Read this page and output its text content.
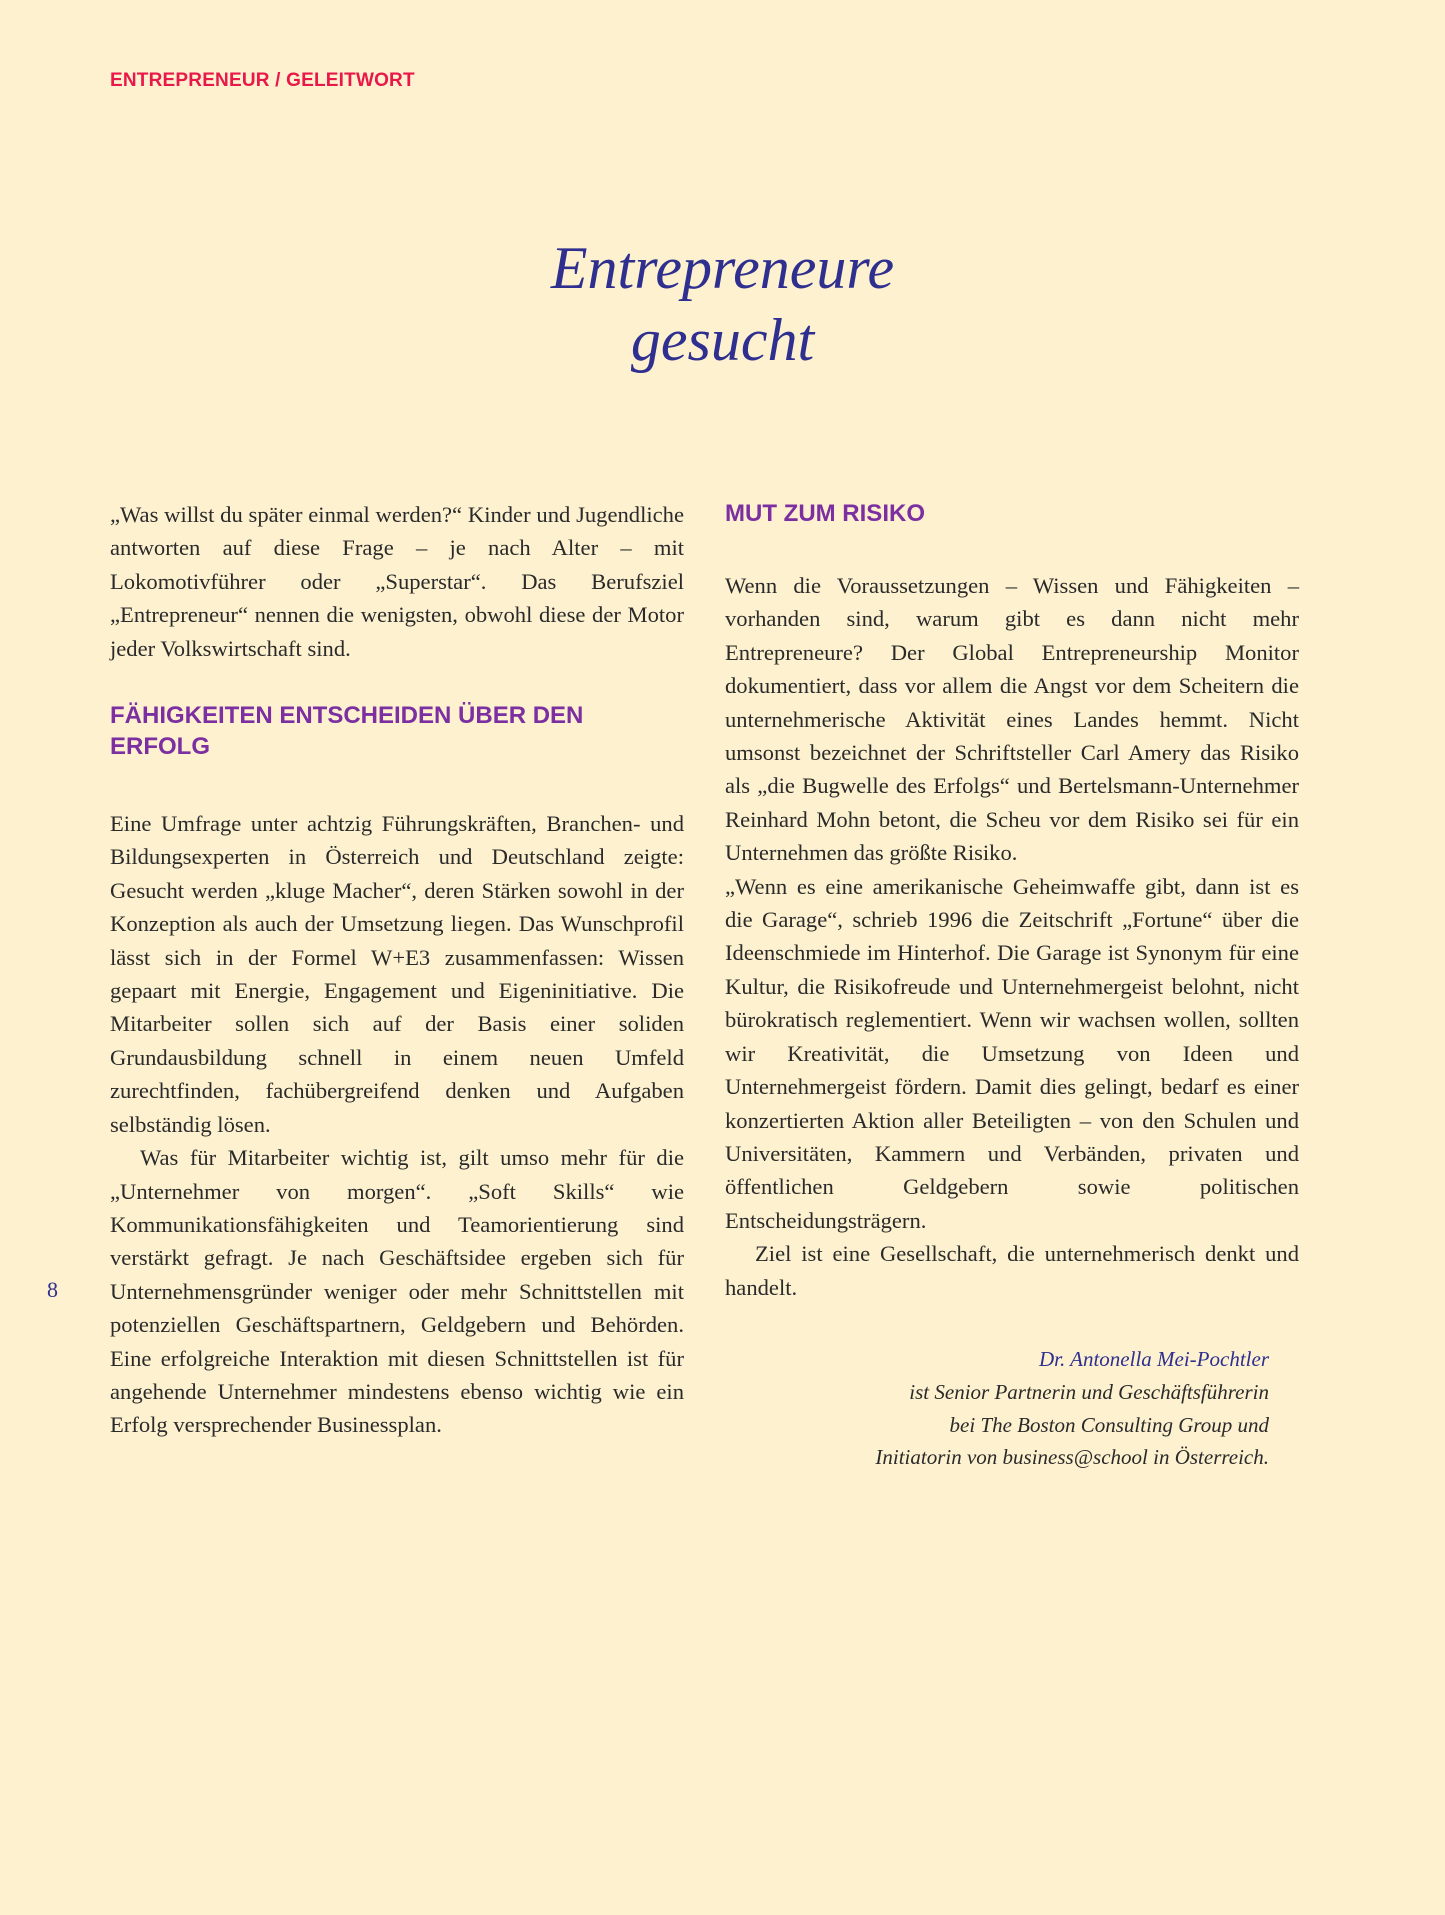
ENTREPRENEUR / GELEITWORT
Entrepreneure
gesucht

„Was willst du später einmal werden?“ Kinder und Jugendliche antworten auf diese Frage – je nach Alter – mit Lokomotivführer oder „Superstar“. Das Berufsziel „Entrepreneur“ nennen die wenigsten, obwohl diese der Motor jeder Volkswirtschaft sind.

FÄHIGKEITEN ENTSCHEIDEN ÜBER DEN ERFOLG

Eine Umfrage unter achtzig Führungskräften, Branchen- und Bildungsexperten in Österreich und Deutschland zeigte: Gesucht werden „kluge Macher“, deren Stärken sowohl in der Konzeption als auch der Umsetzung liegen. Das Wunschprofil lässt sich in der Formel W+E3 zusammenfassen: Wissen gepaart mit Energie, Engagement und Eigeninitiative. Die Mitarbeiter sollen sich auf der Basis einer soliden Grundausbildung schnell in einem neuen Umfeld zurechtfinden, fachübergreifend denken und Aufgaben selbständig lösen.

Was für Mitarbeiter wichtig ist, gilt umso mehr für die „Unternehmer von morgen“. „Soft Skills“ wie Kommunikationsfähigkeiten und Teamorientierung sind verstärkt gefragt. Je nach Geschäftsidee ergeben sich für Unternehmensgründer weniger oder mehr Schnittstellen mit potenziellen Geschäftspartnern, Geldgebern und Behörden. Eine erfolgreiche Interaktion mit diesen Schnittstellen ist für angehende Unternehmer mindestens ebenso wichtig wie ein Erfolg versprechender Businessplan.

MUT ZUM RISIKO

Wenn die Voraussetzungen – Wissen und Fähigkeiten – vorhanden sind, warum gibt es dann nicht mehr Entrepreneure? Der Global Entrepreneurship Monitor dokumentiert, dass vor allem die Angst vor dem Scheitern die unternehmerische Aktivität eines Landes hemmt. Nicht umsonst bezeichnet der Schriftsteller Carl Amery das Risiko als „die Bugwelle des Erfolgs“ und Bertelsmann-Unternehmer Reinhard Mohn betont, die Scheu vor dem Risiko sei für ein Unternehmen das größte Risiko.

„Wenn es eine amerikanische Geheimwaffe gibt, dann ist es die Garage“, schrieb 1996 die Zeitschrift „Fortune“ über die Ideenschmiede im Hinterhof. Die Garage ist Synonym für eine Kultur, die Risikofreude und Unternehmergeist belohnt, nicht bürokratisch reglementiert. Wenn wir wachsen wollen, sollten wir Kreativität, die Umsetzung von Ideen und Unternehmergeist fördern. Damit dies gelingt, bedarf es einer konzertierten Aktion aller Beteiligten – von den Schulen und Universitäten, Kammern und Verbänden, privaten und öffentlichen Geldgebern sowie politischen Entscheidungsträgern.

Ziel ist eine Gesellschaft, die unternehmerisch denkt und handelt.

Dr. Antonella Mei-Pochtler
ist Senior Partnerin und Geschäftsführerin
bei The Boston Consulting Group und
Initiatorin von business@school in Österreich.
8
